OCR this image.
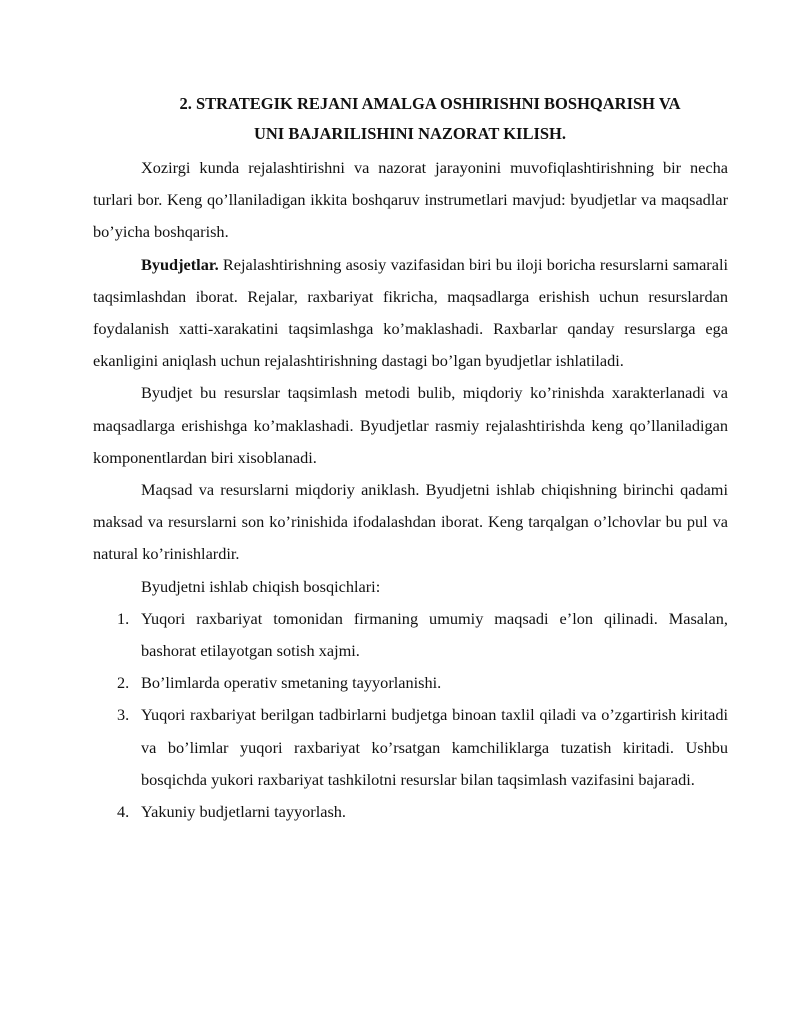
2. STRATEGIK REJANI AMALGA OSHIRISHNI BOSHQARISH VA
UNI BAJARILISHINI NAZORAT KILISH.

Xozirgi kunda rejalashtirishni va nazorat jarayonini muvofiqlashtirishning bir necha turlari bor. Keng qo’llaniladigan ikkita boshqaruv instrumetlari mavjud: byudjetlar va maqsadlar bo’yicha boshqarish.

Byudjetlar. Rejalashtirishning asosiy vazifasidan biri bu iloji boricha resurslarni samarali taqsimlashdan iborat. Rejalar, raxbariyat fikricha, maqsadlarga erishish uchun resurslardan foydalanish xatti-xarakatini taqsimlashga ko’maklashadi. Raxbarlar qanday resurslarga ega ekanligini aniqlash uchun rejalashtirishning dastagi bo’lgan byudjetlar ishlatiladi.

Byudjet bu resurslar taqsimlash metodi bulib, miqdoriy ko’rinishda xarakterlanadi va maqsadlarga erishishga ko’maklashadi. Byudjetlar rasmiy rejalashtirishda keng qo’llaniladigan komponentlardan biri xisoblanadi.

Maqsad va resurslarni miqdoriy aniklash. Byudjetni ishlab chiqishning birinchi qadami maksad va resurslarni son ko’rinishida ifodalashdan iborat. Keng tarqalgan o’lchovlar bu pul va natural ko’rinishlardir.

Byudjetni ishlab chiqish bosqichlari:

1. Yuqori raxbariyat tomonidan firmaning umumiy maqsadi e’lon qilinadi. Masalan, bashorat etilayotgan sotish xajmi.
2. Bo’limlarda operativ smetaning tayyorlanishi.
3. Yuqori raxbariyat berilgan tadbirlarni budjetga binoan taxlil qiladi va o’zgartirish kiritadi va bo’limlar yuqori raxbariyat ko’rsatgan kamchiliklarga tuzatish kiritadi. Ushbu bosqichda yukori raxbariyat tashkilotni resurslar bilan taqsimlash vazifasini bajaradi.
4. Yakuniy budjetlarni tayyorlash.
